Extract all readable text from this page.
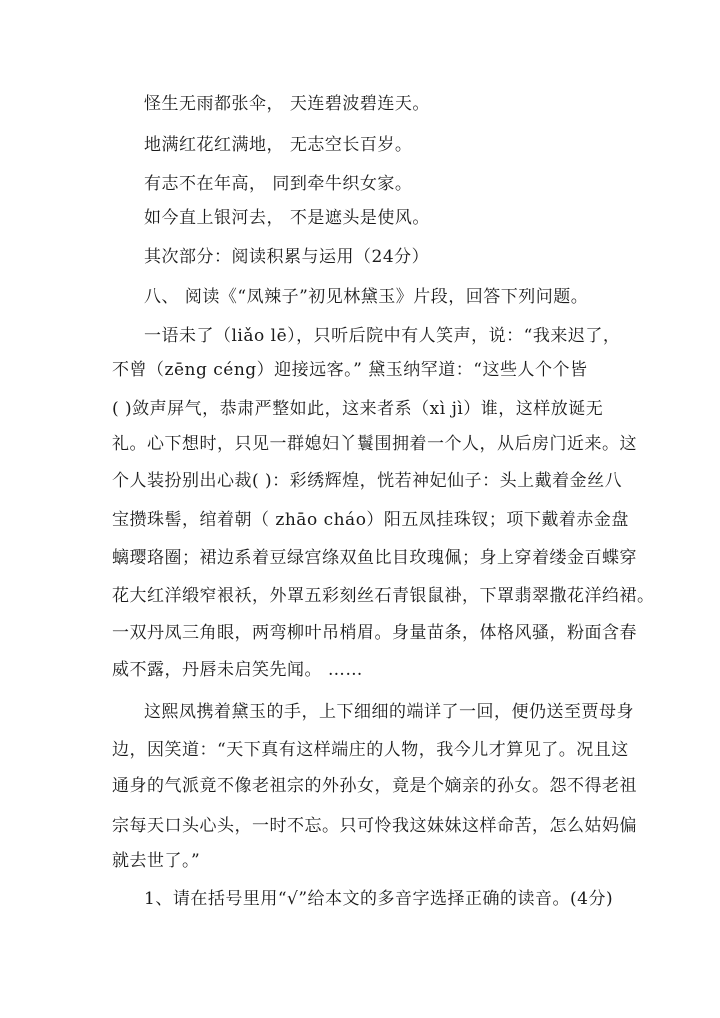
怪生无雨都张伞， 天连碧波碧连天。
地满红花红满地， 无志空长百岁。
有志不在年高， 同到牵牛织女家。
如今直上银河去， 不是遮头是使风。
其次部分：阅读积累与运用（24分）
八、 阅读《“凤辣子”初见林黛玉》片段，回答下列问题。
一语未了（liǎo lē），只听后院中有人笑声，说：“我来迟了，
不曾（zēng céng）迎接远客。” 黛玉纳罕道：“这些人个个皆
( )敛声屏气，恭肃严整如此，这来者系（xì jì）谁，这样放诞无
礼。心下想时，只见一群媳妇丫鬟围拥着一个人，从后房门近来。这
个人装扮别出心裁( )：彩绣辉煌，恍若神妃仙子：头上戴着金丝八
宝攒珠髻，绾着朝（ zhāo cháo）阳五凤挂珠钗；项下戴着赤金盘
螭璎珞圈；裙边系着豆绿宫绦双鱼比目玫瑰佩；身上穿着缕金百蝶穿
花大红洋缎窄裉袄，外罩五彩刻丝石青银鼠褂，下罩翡翠撒花洋绉裙。
一双丹凤三角眼，两弯柳叶吊梢眉。身量苗条，体格风骚，粉面含春
威不露，丹唇未启笑先闻。 ……
这熙凤携着黛玉的手，上下细细的端详了一回，便仍送至贾母身
边，因笑道：“天下真有这样端庄的人物，我今儿才算见了。况且这
通身的气派竟不像老祖宗的外孙女，竟是个嫡亲的孙女。怨不得老祖
宗每天口头心头，一时不忘。只可怜我这妹妹这样命苦，怎么姑妈偏
就去世了。”
1、请在括号里用“√”给本文的多音字选择正确的读音。(4分)
